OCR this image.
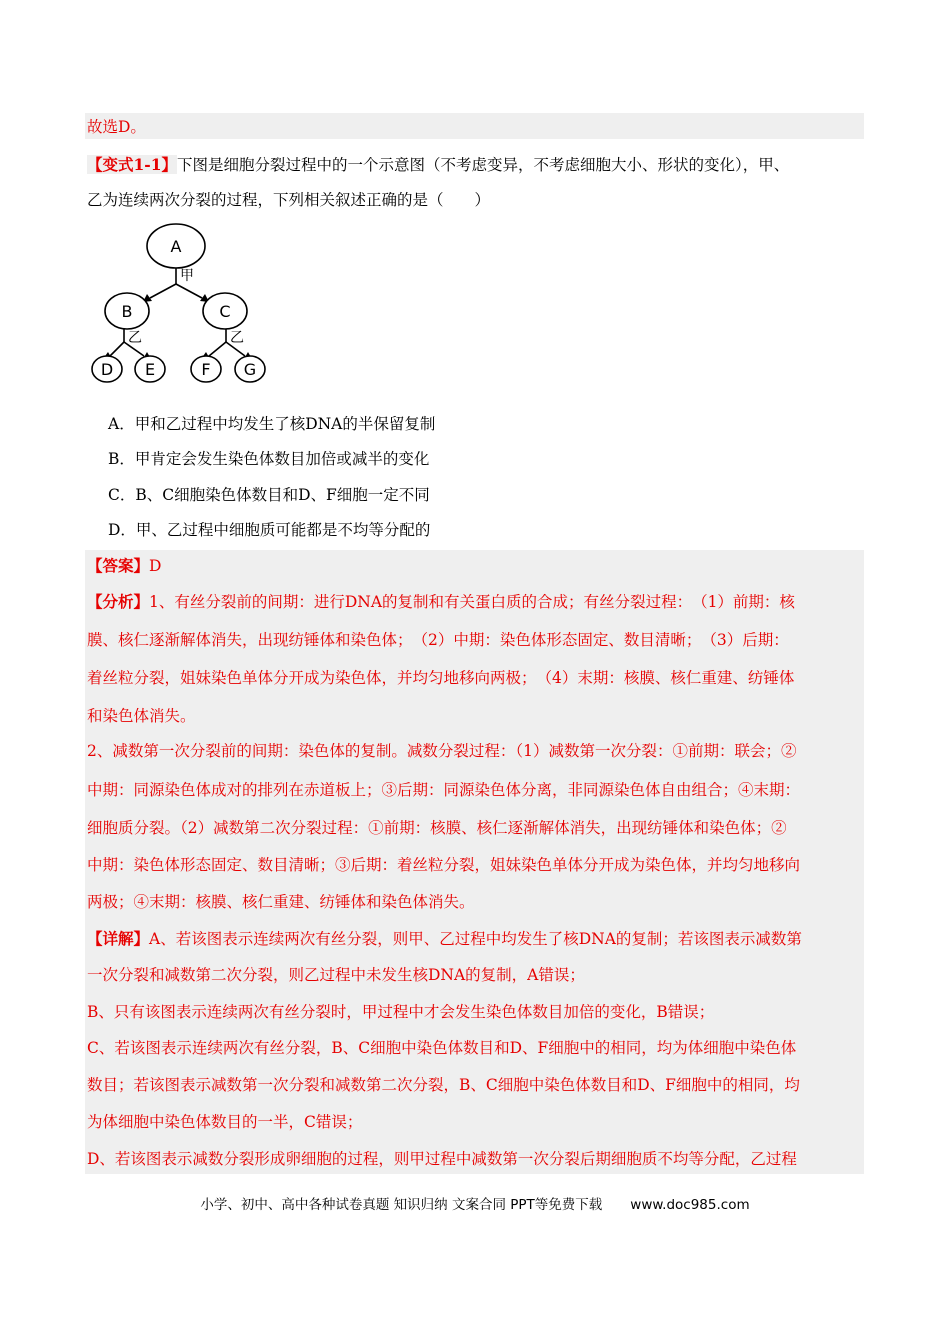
故选D。
【变式1-1】下图是细胞分裂过程中的一个示意图（不考虑变异，不考虑细胞大小、形状的变化），甲、
乙为连续两次分裂的过程，下列相关叙述正确的是（　　）
A
B	C
D E	F G
甲
乙	乙
A．甲和乙过程中均发生了核DNA的半保留复制
B．甲肯定会发生染色体数目加倍或减半的变化
C．B、C细胞染色体数目和D、F细胞一定不同
D．甲、乙过程中细胞质可能都是不均等分配的
【答案】D
【分析】1、有丝分裂前的间期：进行DNA的复制和有关蛋白质的合成；有丝分裂过程：　（1）前期：核
膜、核仁逐渐解体消失，出现纺锤体和染色体；　（2）中期：染色体形态固定、数目清晰；　（3）后期：
着丝粒分裂，姐妹染色单体分开成为染色体，并均匀地移向两极；　（4）末期：核膜、核仁重建、纺锤体
和染色体消失。
2、减数第一次分裂前的间期：染色体的复制。减数分裂过程：（1）减数第一次分裂：①前期：联会；②
中期：同源染色体成对的排列在赤道板上；③后期：同源染色体分离，非同源染色体自由组合；④末期：
细胞质分裂。（2）减数第二次分裂过程：①前期：核膜、核仁逐渐解体消失，出现纺锤体和染色体；②
中期：染色体形态固定、数目清晰；③后期：着丝粒分裂，姐妹染色单体分开成为染色体，并均匀地移向
两极；④末期：核膜、核仁重建、纺锤体和染色体消失。
【详解】A、若该图表示连续两次有丝分裂，则甲、乙过程中均发生了核DNA的复制；若该图表示减数第
一次分裂和减数第二次分裂，则乙过程中未发生核DNA的复制，A错误；
B、只有该图表示连续两次有丝分裂时，甲过程中才会发生染色体数目加倍的变化，B错误；
C、若该图表示连续两次有丝分裂，B、C细胞中染色体数目和D、F细胞中的相同，均为体细胞中染色体
数目；若该图表示减数第一次分裂和减数第二次分裂，B、C细胞中染色体数目和D、F细胞中的相同，均
为体细胞中染色体数目的一半，C错误；
D、若该图表示减数分裂形成卵细胞的过程，则甲过程中减数第一次分裂后期细胞质不均等分配，乙过程
小学、初中、高中各种试卷真题 知识归纳 文案合同 PPT等免费下载 www.doc985.com
